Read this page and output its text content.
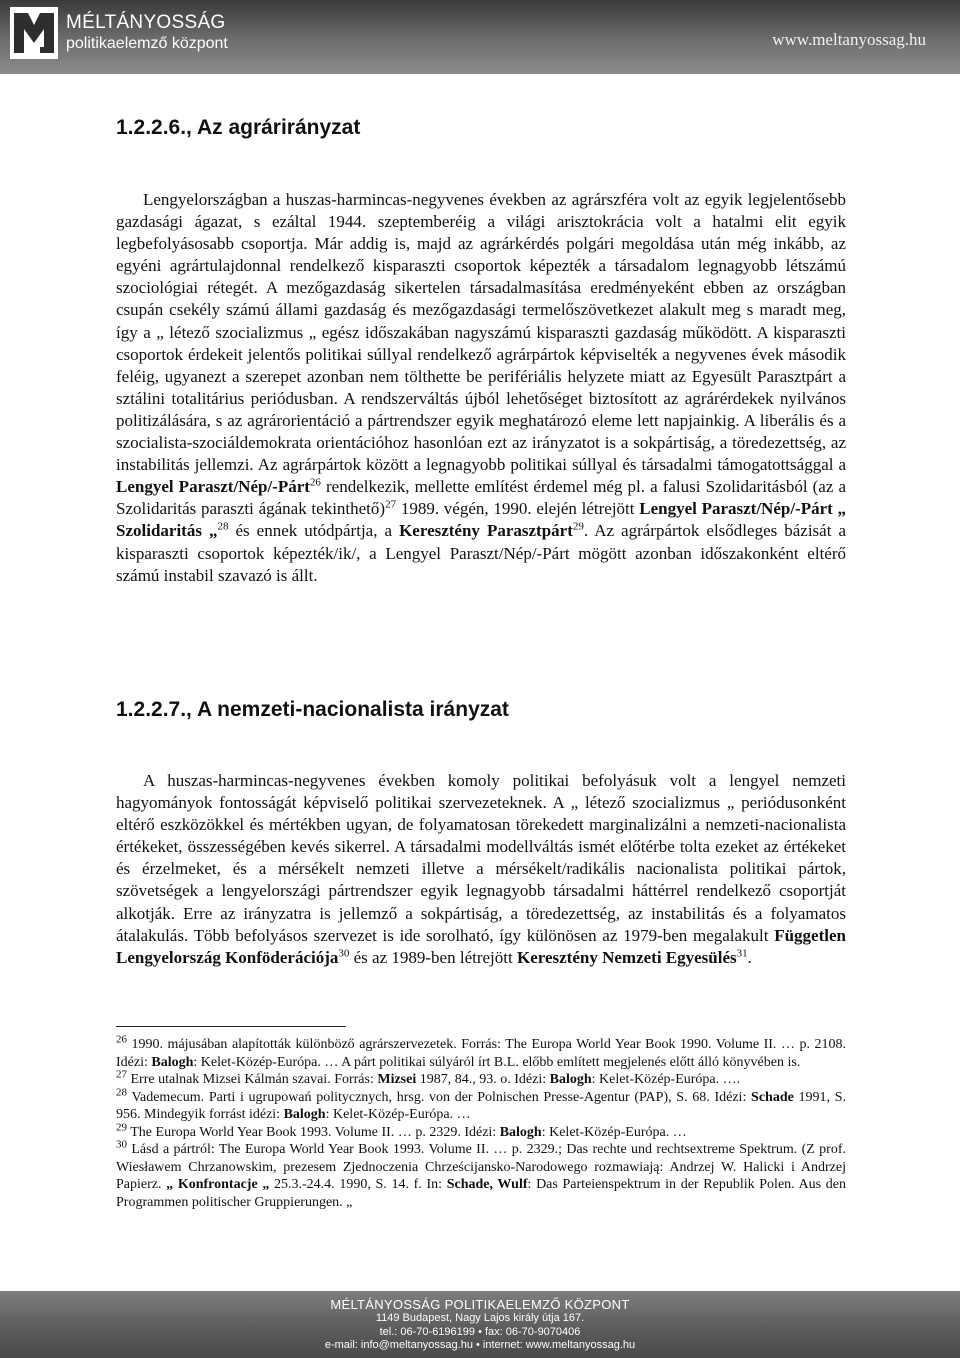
MÉLTÁNYOSSÁG
politikaelemző központ	www.meltanyossag.hu
1.2.2.6., Az agrárirányzat

Lengyelországban a huszas-harmincas-negyvenes években az agrárszféra volt az egyik legjelentősebb gazdasági ágazat, s ezáltal 1944. szeptemberéig a világi arisztokrácia volt a hatalmi elit egyik legbefolyásosabb csoportja. Már addig is, majd az agrárkérdés polgári megoldása után még inkább, az egyéni agrártulajdonnal rendelkező kisparaszti csoportok képezték a társadalom legnagyobb létszámú szociológiai rétegét. A mezőgazdaság sikertelen társadalmasítása eredményeként ebben az országban csupán csekély számú állami gazdaság és mezőgazdasági termelőszövetkezet alakult meg s maradt meg, így a „ létező szocializmus „ egész időszakában nagyszámú kisparaszti gazdaság működött. A kisparaszti csoportok érdekeit jelentős politikai súllyal rendelkező agrárpártok képviselték a negyvenes évek második feléig, ugyanezt a szerepet azonban nem tölthette be perifériális helyzete miatt az Egyesült Parasztpárt a sztálini totalitárius periódusban. A rendszerváltás újból lehetőséget biztosított az agrárérdekek nyilvános politizálására, s az agrárorientáció a pártrendszer egyik meghatározó eleme lett napjainkig. A liberális és a szocialista-szociáldemokrata orientációhoz hasonlóan ezt az irányzatot is a sokpártiság, a töredezettség, az instabilitás jellemzi. Az agrárpártok között a legnagyobb politikai súllyal és társadalmi támogatottsággal a Lengyel Paraszt/Nép/-Párt$^{26}$ rendelkezik, mellette említést érdemel még pl. a falusi Szolidaritásból (az a Szolidaritás paraszti ágának tekinthető)$^{27}$ 1989. végén, 1990. elején létrejött Lengyel Paraszt/Nép/-Párt „ Szolidaritás „$^{28}$ és ennek utódpártja, a Keresztény Parasztpárt$^{29}$. Az agrárpártok elsődleges bázisát a kisparaszti csoportok képezték/ik/, a Lengyel Paraszt/Nép/-Párt mögött azonban időszakonként eltérő számú instabil szavazó is állt.

1.2.2.7., A nemzeti-nacionalista irányzat

A huszas-harmincas-negyvenes években komoly politikai befolyásuk volt a lengyel nemzeti hagyományok fontosságát képviselő politikai szervezeteknek. A „ létező szocializmus „ periódusonként eltérő eszközökkel és mértékben ugyan, de folyamatosan törekedett marginalizálni a nemzeti-nacionalista értékeket, összességében kevés sikerrel. A társadalmi modellváltás ismét előtérbe tolta ezeket az értékeket és érzelmeket, és a mérsékelt nemzeti illetve a mérsékelt/radikális nacionalista politikai pártok, szövetségek a lengyelországi pártrendszer egyik legnagyobb társadalmi háttérrel rendelkező csoportját alkotják. Erre az irányzatra is jellemző a sokpártiság, a töredezettség, az instabilitás és a folyamatos átalakulás. Több befolyásos szervezet is ide sorolható, így különösen az 1979-ben megalakult Független Lengyelország Konföderációja$^{30}$ és az 1989-ben létrejött Keresztény Nemzeti Egyesülés$^{31}$.

$^{26}$ 1990. májusában alapították különböző agrárszervezetek. Forrás: The Europa World Year Book 1990. Volume II. … p. 2108. Idézi: Balogh: Kelet-Közép-Európa. … A párt politikai súlyáról írt B.L. előbb említett megjelenés előtt álló könyvében is.

$^{27}$ Erre utalnak Mizsei Kálmán szavai. Forrás: Mizsei 1987, 84., 93. o. Idézi: Balogh: Kelet-Közép-Európa. ….

$^{28}$ Vademecum. Parti i ugrupowań politycznych, hrsg. von der Polnischen Presse-Agentur (PAP), S. 68. Idézi: Schade 1991, S. 956. Mindegyik forrást idézi: Balogh: Kelet-Közép-Európa. …

$^{29}$ The Europa World Year Book 1993. Volume II. … p. 2329. Idézi: Balogh: Kelet-Közép-Európa. …

$^{30}$ Lásd a pártról: The Europa World Year Book 1993. Volume II. … p. 2329.; Das rechte und rechtsextreme Spektrum. (Z prof. Wiesławem Chrzanowskim, prezesem Zjednoczenia Chrześcijansko-Narodowego rozmawiają: Andrzej W. Halicki i Andrzej Papierz. „ Konfrontacje „ 25.3.-24.4. 1990, S. 14. f. In: Schade, Wulf: Das Parteienspektrum in der Republik Polen. Aus den Programmen politischer Gruppierungen. „

MÉLTÁNYOSSÁG POLITIKAELEMZŐ KÖZPONT
1149 Budapest, Nagy Lajos király útja 167.
tel.: 06-70-6196199 • fax: 06-70-9070406
e-mail: info@meltanyossag.hu • internet: www.meltanyossag.hu
